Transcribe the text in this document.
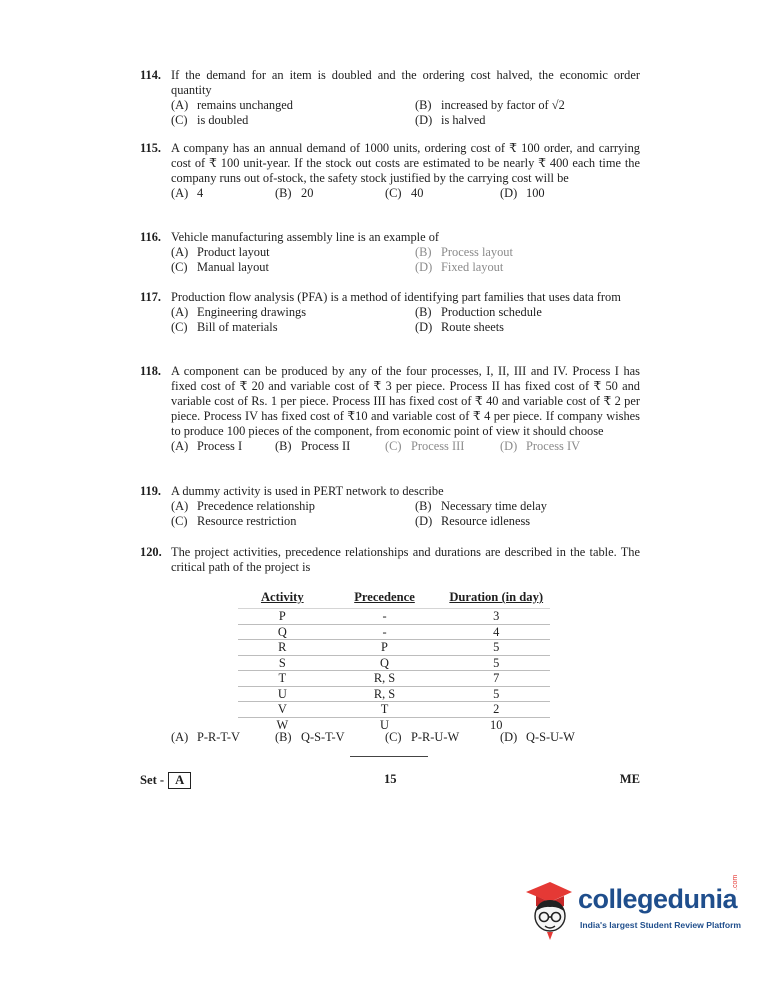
114. If the demand for an item is doubled and the ordering cost halved, the economic order quantity
(A) remains unchanged	(B) increased by factor of √2
(C) is doubled	(D) is halved
115. A company has an annual demand of 1000 units, ordering cost of ₹ 100 order, and carrying cost of ₹ 100 unit-year. If the stock out costs are estimated to be nearly ₹ 400 each time the company runs out of-stock, the safety stock justified by the carrying cost will be
(A) 4	(B) 20	(C) 40	(D) 100
116. Vehicle manufacturing assembly line is an example of
(A) Product layout	(B) Process layout
(C) Manual layout	(D) Fixed layout
117. Production flow analysis (PFA) is a method of identifying part families that uses data from
(A) Engineering drawings	(B) Production schedule
(C) Bill of materials	(D) Route sheets
118. A component can be produced by any of the four processes, I, II, III and IV. Process I has fixed cost of ₹ 20 and variable cost of ₹ 3 per piece. Process II has fixed cost of ₹ 50 and variable cost of Rs. 1 per piece. Process III has fixed cost of ₹ 40 and variable cost of ₹ 2 per piece. Process IV has fixed cost of ₹10 and variable cost of ₹ 4 per piece. If company wishes to produce 100 pieces of the component, from economic point of view it should choose
(A) Process I	(B) Process II	(C) Process III	(D) Process IV
119. A dummy activity is used in PERT network to describe
(A) Precedence relationship	(B) Necessary time delay
(C) Resource restriction	(D) Resource idleness
120. The project activities, precedence relationships and durations are described in the table. The critical path of the project is
Activity	Precedence	Duration (in day)
P	-	3
Q	-	4
R	P	5
S	Q	5
T	R, S	7
U	R, S	5
V	T	2
W	U	10
(A) P-R-T-V	(B) Q-S-T-V	(C) P-R-U-W	(D) Q-S-U-W
Set - A	15	ME
collegedunia
.com
India's largest Student Review Platform
